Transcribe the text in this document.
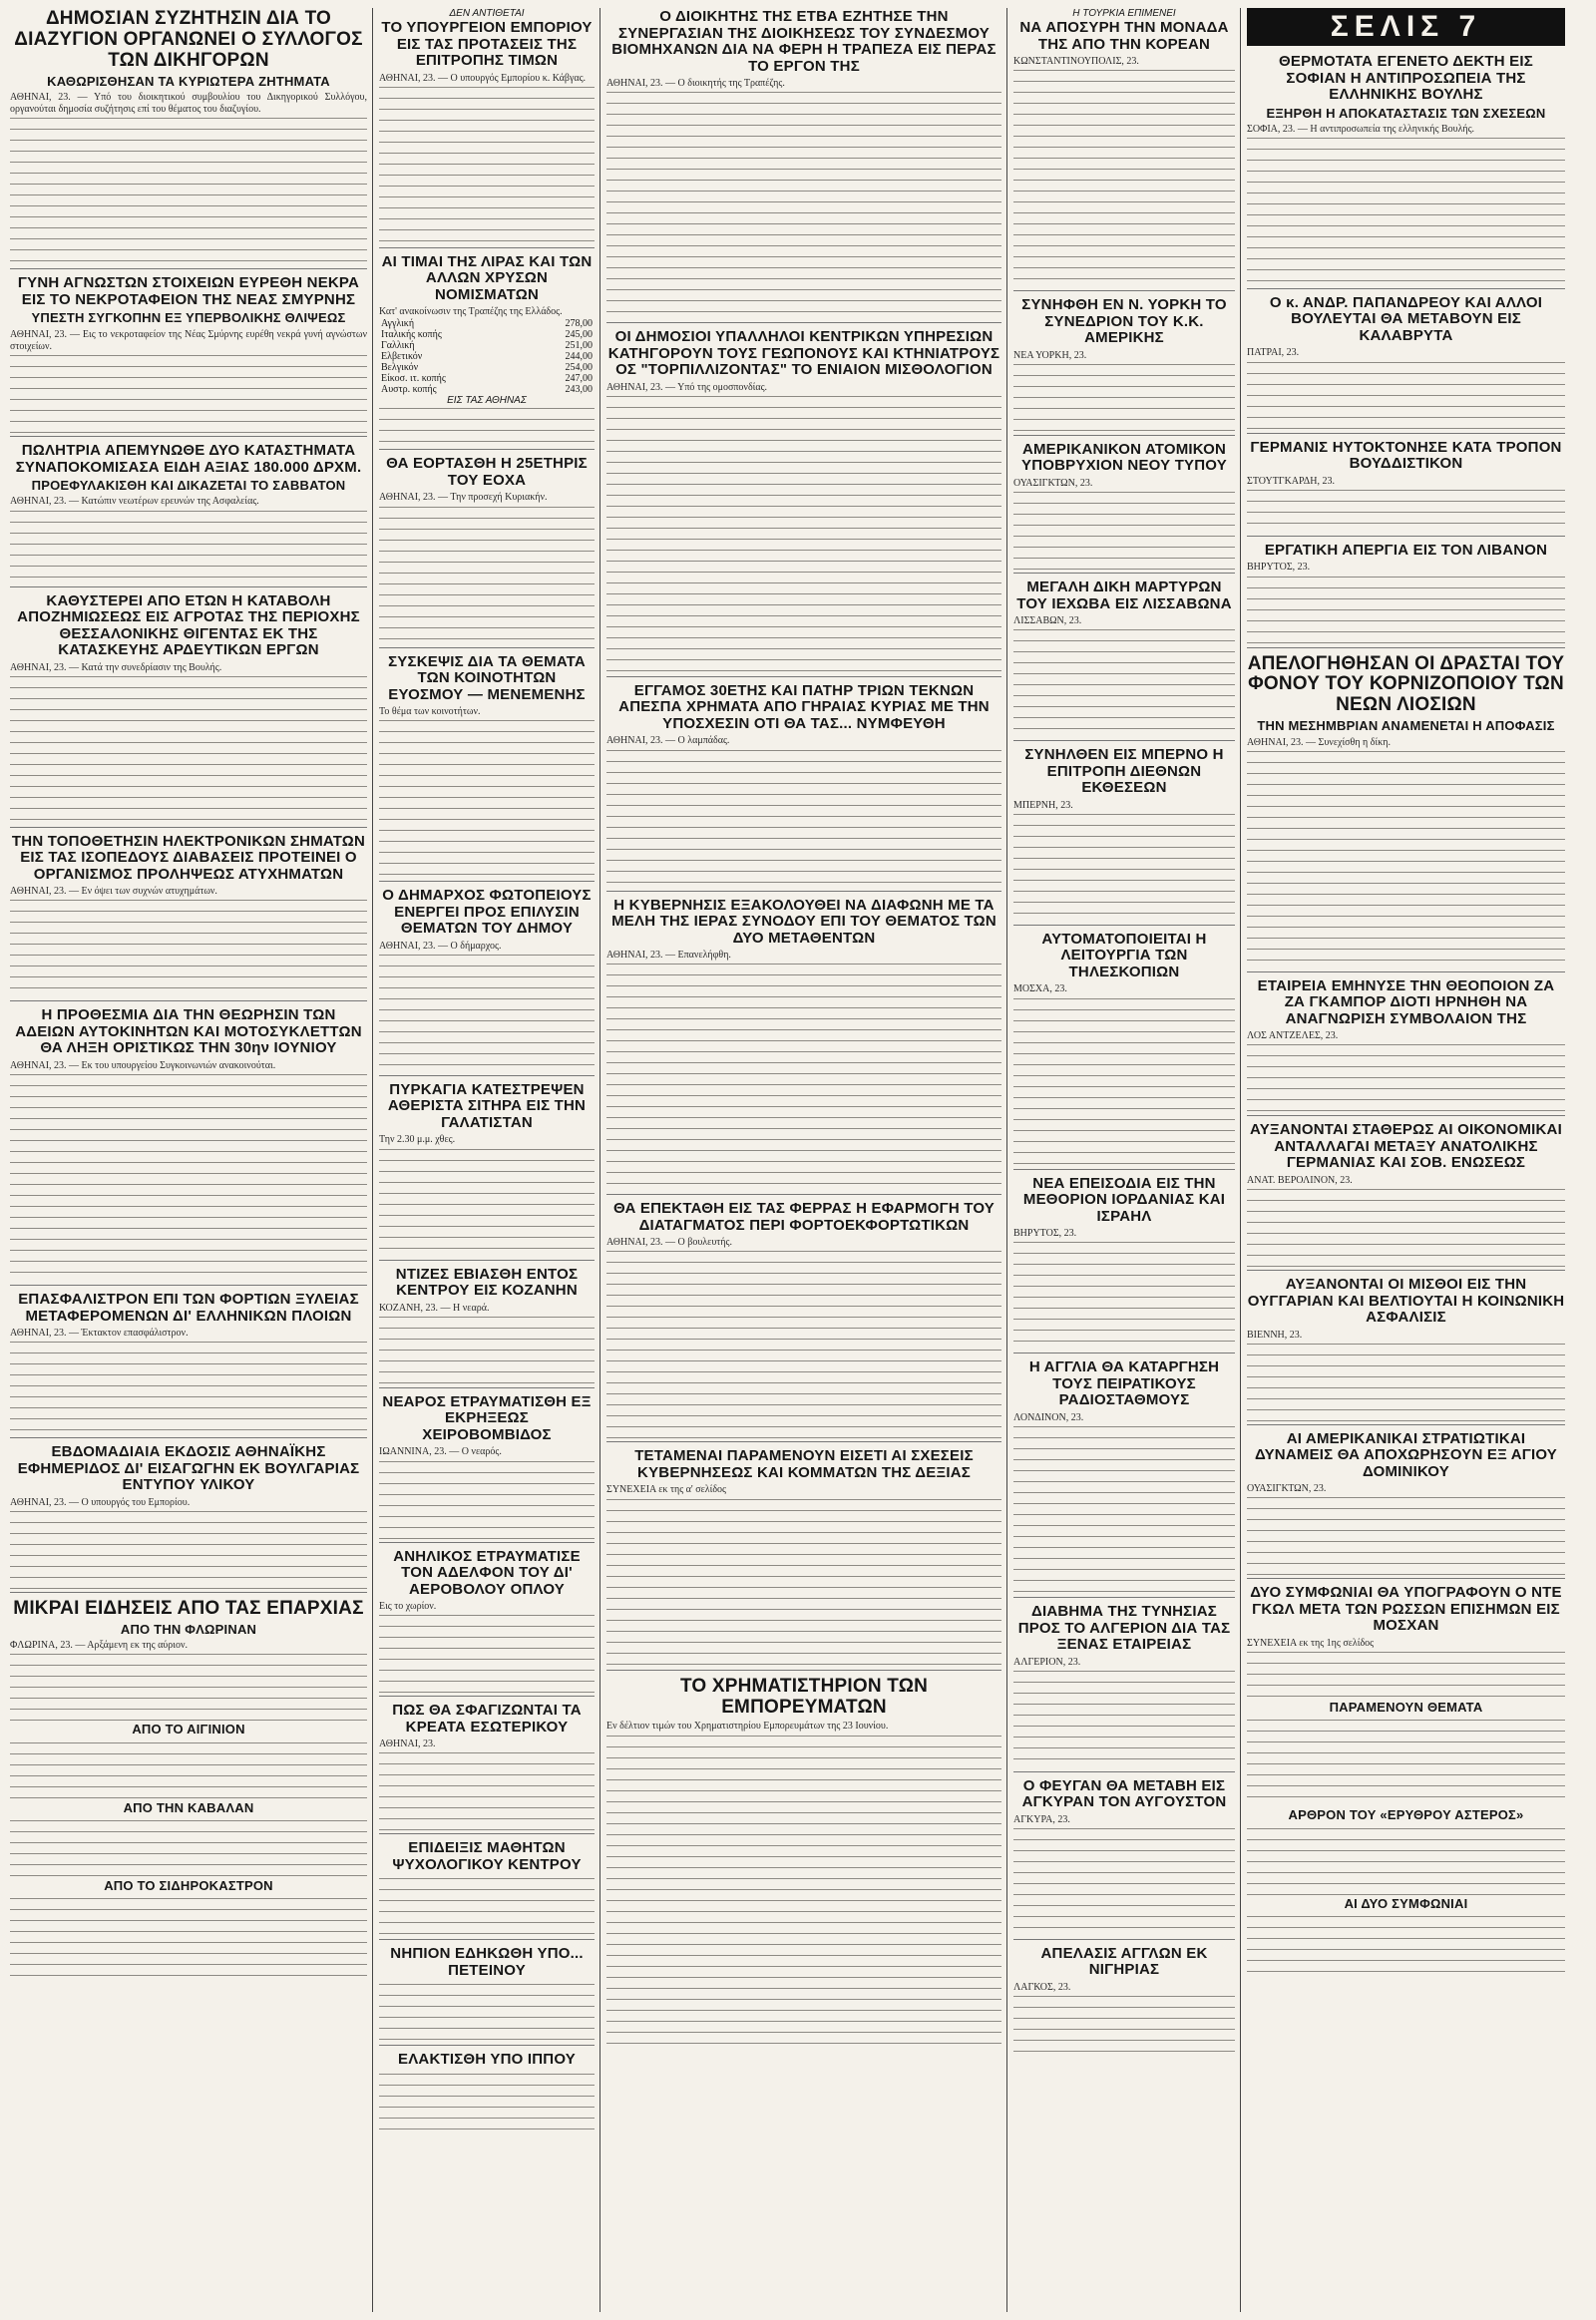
ΔΗΜΟΣΙΑΝ ΣΥΖΗΤΗΣΙΝ ΔΙΑ ΤΟ ΔΙΑΖΥΓΙΟΝ ΟΡΓΑΝΩΝΕΙ Ο ΣΥΛΛΟΓΟΣ ΤΩΝ ΔΙΚΗΓΟΡΩΝ
ΚΑΘΩΡΙΣΘΗΣΑΝ ΤΑ ΚΥΡΙΩΤΕΡΑ ΖΗΤΗΜΑΤΑ
ΑΘΗΝΑΙ, 23. — Υπό του διοικητικού συμβουλίου του Δικηγορικού Συλλόγου, οργανούται δημοσία συζήτησις επί του θέματος του διαζυγίου.
ΓΥΝΗ ΑΓΝΩΣΤΩΝ ΣΤΟΙΧΕΙΩΝ ΕΥΡΕΘΗ ΝΕΚΡΑ ΕΙΣ ΤΟ ΝΕΚΡΟΤΑΦΕΙΟΝ ΤΗΣ ΝΕΑΣ ΣΜΥΡΝΗΣ
ΥΠΕΣΤΗ ΣΥΓΚΟΠΗΝ ΕΞ ΥΠΕΡΒΟΛΙΚΗΣ ΘΛΙΨΕΩΣ
ΑΘΗΝΑΙ, 23. — Εις το νεκροταφείον της Νέας Σμύρνης ευρέθη νεκρά γυνή αγνώστων στοιχείων.
ΠΩΛΗΤΡΙΑ ΑΠΕΜΥΝΩΘΕ ΔΥΟ ΚΑΤΑΣΤΗΜΑΤΑ ΣΥΝΑΠΟΚΟΜΙΣΑΣΑ ΕΙΔΗ ΑΞΙΑΣ 180.000 ΔΡΧΜ.
ΠΡΟΕΦΥΛΑΚΙΣΘΗ ΚΑΙ ΔΙΚΑΖΕΤΑΙ ΤΟ ΣΑΒΒΑΤΟΝ
ΑΘΗΝΑΙ, 23. — Κατώπιν νεωτέρων ερευνών της Ασφαλείας.
ΚΑΘΥΣΤΕΡΕΙ ΑΠΟ ΕΤΩΝ Η ΚΑΤΑΒΟΛΗ ΑΠΟΖΗΜΙΩΣΕΩΣ ΕΙΣ ΑΓΡΟΤΑΣ ΤΗΣ ΠΕΡΙΟΧΗΣ ΘΕΣΣΑΛΟΝΙΚΗΣ ΘΙΓΕΝΤΑΣ ΕΚ ΤΗΣ ΚΑΤΑΣΚΕΥΗΣ ΑΡΔΕΥΤΙΚΩΝ ΕΡΓΩΝ
ΑΘΗΝΑΙ, 23. — Κατά την συνεδρίασιν της Βουλής.
ΤΗΝ ΤΟΠΟΘΕΤΗΣΙΝ ΗΛΕΚΤΡΟΝΙΚΩΝ ΣΗΜΑΤΩΝ ΕΙΣ ΤΑΣ ΙΣΟΠΕΔΟΥΣ ΔΙΑΒΑΣΕΙΣ ΠΡΟΤΕΙΝΕΙ Ο ΟΡΓΑΝΙΣΜΟΣ ΠΡΟΛΗΨΕΩΣ ΑΤΥΧΗΜΑΤΩΝ
ΑΘΗΝΑΙ, 23. — Εν όψει των συχνών ατυχημάτων.
Η ΠΡΟΘΕΣΜΙΑ ΔΙΑ ΤΗΝ ΘΕΩΡΗΣΙΝ ΤΩΝ ΑΔΕΙΩΝ ΑΥΤΟΚΙΝΗΤΩΝ ΚΑΙ ΜΟΤΟΣΥΚΛΕΤΤΩΝ ΘΑ ΛΗΞΗ ΟΡΙΣΤΙΚΩΣ ΤΗΝ 30ην ΙΟΥΝΙΟΥ
ΑΘΗΝΑΙ, 23. — Εκ του υπουργείου Συγκοινωνιών ανακοινούται.
ΕΠΑΣΦΑΛΙΣΤΡΟΝ ΕΠΙ ΤΩΝ ΦΟΡΤΙΩΝ ΞΥΛΕΙΑΣ ΜΕΤΑΦΕΡΟΜΕΝΩΝ ΔΙ' ΕΛΛΗΝΙΚΩΝ ΠΛΟΙΩΝ
ΑΘΗΝΑΙ, 23. — Έκτακτον επασφάλιστρον.
ΕΒΔΟΜΑΔΙΑΙΑ ΕΚΔΟΣΙΣ ΑΘΗΝΑΪΚΗΣ ΕΦΗΜΕΡΙΔΟΣ ΔΙ' ΕΙΣΑΓΩΓΗΝ ΕΚ ΒΟΥΛΓΑΡΙΑΣ ΕΝΤΥΠΟΥ ΥΛΙΚΟΥ
ΑΘΗΝΑΙ, 23. — Ο υπουργός του Εμπορίου.
ΜΙΚΡΑΙ ΕΙΔΗΣΕΙΣ ΑΠΟ ΤΑΣ ΕΠΑΡΧΙΑΣ
ΑΠΟ ΤΗΝ ΦΛΩΡΙΝΑΝ
ΦΛΩΡΙΝΑ, 23. — Αρξάμενη εκ της αύριον.
ΑΠΟ ΤΟ ΑΙΓΙΝΙΟΝ
ΑΠΟ ΤΗΝ ΚΑΒΑΛΑΝ
ΑΠΟ ΤΟ ΣΙΔΗΡΟΚΑΣΤΡΟΝ
ΔΕΝ ΑΝΤΙΘΕΤΑΙ
ΤΟ ΥΠΟΥΡΓΕΙΟΝ ΕΜΠΟΡΙΟΥ ΕΙΣ ΤΑΣ ΠΡΟΤΑΣΕΙΣ ΤΗΣ ΕΠΙΤΡΟΠΗΣ ΤΙΜΩΝ
ΑΘΗΝΑΙ, 23. — Ο υπουργός Εμπορίου κ. Κάβγας.
ΑΙ ΤΙΜΑΙ ΤΗΣ ΛΙΡΑΣ ΚΑΙ ΤΩΝ ΑΛΛΩΝ ΧΡΥΣΩΝ ΝΟΜΙΣΜΑΤΩΝ
Κατ' ανακοίνωσιν της Τραπέζης της Ελλάδος.
Αγγλική	278,00
Ιταλικής κοπής	245,00
Γαλλική	251,00
Ελβετικόν	244,00
Βελγικόν	254,00
Είκοσ. ιτ. κοπής	247,00
Αυστρ. κοπής	243,00
ΕΙΣ ΤΑΣ ΑΘΗΝΑΣ
ΘΑ ΕΟΡΤΑΣΘΗ Η 25ΕΤΗΡΙΣ ΤΟΥ ΕΟΧΑ
ΑΘΗΝΑΙ, 23. — Την προσεχή Κυριακήν.
ΣΥΣΚΕΨΙΣ ΔΙΑ ΤΑ ΘΕΜΑΤΑ ΤΩΝ ΚΟΙΝΟΤΗΤΩΝ ΕΥΟΣΜΟΥ — ΜΕΝΕΜΕΝΗΣ
Το θέμα των κοινοτήτων.
Ο ΔΗΜΑΡΧΟΣ ΦΩΤΟΠΕΙΟΥΣ ΕΝΕΡΓΕΙ ΠΡΟΣ ΕΠΙΛΥΣΙΝ ΘΕΜΑΤΩΝ ΤΟΥ ΔΗΜΟΥ
ΑΘΗΝΑΙ, 23. — Ο δήμαρχος.
ΠΥΡΚΑΓΙΑ ΚΑΤΕΣΤΡΕΨΕΝ ΑΘΕΡΙΣΤΑ ΣΙΤΗΡΑ ΕΙΣ ΤΗΝ ΓΑΛΑΤΙΣΤΑΝ
Την 2.30 μ.μ. χθες.
ΝΤΙΖΕΣ ΕΒΙΑΣΘΗ ΕΝΤΟΣ ΚΕΝΤΡΟΥ ΕΙΣ ΚΟΖΑΝΗΝ
ΚΟΖΑΝΗ, 23. — Η νεαρά.
ΝΕΑΡΟΣ ΕΤΡΑΥΜΑΤΙΣΘΗ ΕΞ ΕΚΡΗΞΕΩΣ ΧΕΙΡΟΒΟΜΒΙΔΟΣ
ΙΩΑΝΝΙΝΑ, 23. — Ο νεαρός.
ΑΝΗΛΙΚΟΣ ΕΤΡΑΥΜΑΤΙΣΕ ΤΟΝ ΑΔΕΛΦΟΝ ΤΟΥ ΔΙ' ΑΕΡΟΒΟΛΟΥ ΟΠΛΟΥ
Εις το χωρίον.
ΠΩΣ ΘΑ ΣΦΑΓΙΖΩΝΤΑΙ ΤΑ ΚΡΕΑΤΑ ΕΣΩΤΕΡΙΚΟΥ
ΑΘΗΝΑΙ, 23.
ΕΠΙΔΕΙΞΙΣ ΜΑΘΗΤΩΝ ΨΥΧΟΛΟΓΙΚΟΥ ΚΕΝΤΡΟΥ
ΝΗΠΙΟΝ ΕΔΗΚΩΘΗ ΥΠΟ... ΠΕΤΕΙΝΟΥ
ΕΛΑΚΤΙΣΘΗ ΥΠΟ ΙΠΠΟΥ
Ο ΔΙΟΙΚΗΤΗΣ ΤΗΣ ΕΤΒΑ ΕΖΗΤΗΣΕ ΤΗΝ ΣΥΝΕΡΓΑΣΙΑΝ ΤΗΣ ΔΙΟΙΚΗΣΕΩΣ ΤΟΥ ΣΥΝΔΕΣΜΟΥ ΒΙΟΜΗΧΑΝΩΝ ΔΙΑ ΝΑ ΦΕΡΗ Η ΤΡΑΠΕΖΑ ΕΙΣ ΠΕΡΑΣ ΤΟ ΕΡΓΟΝ ΤΗΣ
ΑΘΗΝΑΙ, 23. — Ο διοικητής της Τραπέζης.
ΟΙ ΔΗΜΟΣΙΟΙ ΥΠΑΛΛΗΛΟΙ ΚΕΝΤΡΙΚΩΝ ΥΠΗΡΕΣΙΩΝ ΚΑΤΗΓΟΡΟΥΝ ΤΟΥΣ ΓΕΩΠΟΝΟΥΣ ΚΑΙ ΚΤΗΝΙΑΤΡΟΥΣ ΟΣ "ΤΟΡΠΙΛΛΙΖΟΝΤΑΣ" ΤΟ ΕΝΙΑΙΟΝ ΜΙΣΘΟΛΟΓΙΟΝ
ΑΘΗΝΑΙ, 23. — Υπό της ομοσπονδίας.
ΕΓΓΑΜΟΣ 30ΕΤΗΣ ΚΑΙ ΠΑΤΗΡ ΤΡΙΩΝ ΤΕΚΝΩΝ ΑΠΕΣΠΑ ΧΡΗΜΑΤΑ ΑΠΟ ΓΗΡΑΙΑΣ ΚΥΡΙΑΣ ΜΕ ΤΗΝ ΥΠΟΣΧΕΣΙΝ ΟΤΙ ΘΑ ΤΑΣ... ΝΥΜΦΕΥΘΗ
ΑΘΗΝΑΙ, 23. — Ο λαμπάδας.
Η ΚΥΒΕΡΝΗΣΙΣ ΕΞΑΚΟΛΟΥΘΕΙ ΝΑ ΔΙΑΦΩΝΗ ΜΕ ΤΑ ΜΕΛΗ ΤΗΣ ΙΕΡΑΣ ΣΥΝΟΔΟΥ ΕΠΙ ΤΟΥ ΘΕΜΑΤΟΣ ΤΩΝ ΔΥΟ ΜΕΤΑΘΕΝΤΩΝ
ΑΘΗΝΑΙ, 23. — Επανελήφθη.
ΘΑ ΕΠΕΚΤΑΘΗ ΕΙΣ ΤΑΣ ΦΕΡΡΑΣ Η ΕΦΑΡΜΟΓΗ ΤΟΥ ΔΙΑΤΑΓΜΑΤΟΣ ΠΕΡΙ ΦΟΡΤΟΕΚΦΟΡΤΩΤΙΚΩΝ
ΑΘΗΝΑΙ, 23. — Ο βουλευτής.
ΤΕΤΑΜΕΝΑΙ ΠΑΡΑΜΕΝΟΥΝ ΕΙΣΕΤΙ ΑΙ ΣΧΕΣΕΙΣ ΚΥΒΕΡΝΗΣΕΩΣ ΚΑΙ ΚΟΜΜΑΤΩΝ ΤΗΣ ΔΕΞΙΑΣ
ΣΥΝΕΧΕΙΑ εκ της α' σελίδος
ΤΟ ΧΡΗΜΑΤΙΣΤΗΡΙΟΝ ΤΩΝ ΕΜΠΟΡΕΥΜΑΤΩΝ
Εν δέλτιον τιμών του Χρηματιστηρίου Εμπορευμάτων της 23 Ιουνίου.
Η ΤΟΥΡΚΙΑ ΕΠΙΜΕΝΕΙ
ΝΑ ΑΠΟΣΥΡΗ ΤΗΝ ΜΟΝΑΔΑ ΤΗΣ ΑΠΟ ΤΗΝ ΚΟΡΕΑΝ
ΚΩΝΣΤΑΝΤΙΝΟΥΠΟΛΙΣ, 23.
ΣΥΝΗΦΘΗ ΕΝ Ν. ΥΟΡΚΗ ΤΟ ΣΥΝΕΔΡΙΟΝ ΤΟΥ Κ.Κ. ΑΜΕΡΙΚΗΣ
ΝΕΑ ΥΟΡΚΗ, 23.
ΑΜΕΡΙΚΑΝΙΚΟΝ ΑΤΟΜΙΚΟΝ ΥΠΟΒΡΥΧΙΟΝ ΝΕΟΥ ΤΥΠΟΥ
ΟΥΑΣΙΓΚΤΩΝ, 23.
ΜΕΓΑΛΗ ΔΙΚΗ ΜΑΡΤΥΡΩΝ ΤΟΥ ΙΕΧΩΒΑ ΕΙΣ ΛΙΣΣΑΒΩΝΑ
ΛΙΣΣΑΒΩΝ, 23.
ΣΥΝΗΛΘΕΝ ΕΙΣ ΜΠΕΡΝΟ Η ΕΠΙΤΡΟΠΗ ΔΙΕΘΝΩΝ ΕΚΘΕΣΕΩΝ
ΜΠΕΡΝΗ, 23.
ΑΥΤΟΜΑΤΟΠΟΙΕΙΤΑΙ Η ΛΕΙΤΟΥΡΓΙΑ ΤΩΝ ΤΗΛΕΣΚΟΠΙΩΝ
ΜΟΣΧΑ, 23.
ΝΕΑ ΕΠΕΙΣΟΔΙΑ ΕΙΣ ΤΗΝ ΜΕΘΟΡΙΟΝ ΙΟΡΔΑΝΙΑΣ ΚΑΙ ΙΣΡΑΗΛ
ΒΗΡΥΤΟΣ, 23.
Η ΑΓΓΛΙΑ ΘΑ ΚΑΤΑΡΓΗΣΗ ΤΟΥΣ ΠΕΙΡΑΤΙΚΟΥΣ ΡΑΔΙΟΣΤΑΘΜΟΥΣ
ΛΟΝΔΙΝΟΝ, 23.
ΔΙΑΒΗΜΑ ΤΗΣ ΤΥΝΗΣΙΑΣ ΠΡΟΣ ΤΟ ΑΛΓΕΡΙΟΝ ΔΙΑ ΤΑΣ ΞΕΝΑΣ ΕΤΑΙΡΕΙΑΣ
ΑΛΓΕΡΙΟΝ, 23.
Ο ΦΕΥΓΑΝ ΘΑ ΜΕΤΑΒΗ ΕΙΣ ΑΓΚΥΡΑΝ ΤΟΝ ΑΥΓΟΥΣΤΟΝ
ΑΓΚΥΡΑ, 23.
ΑΠΕΛΑΣΙΣ ΑΓΓΛΩΝ ΕΚ ΝΙΓΗΡΙΑΣ
ΛΑΓΚΟΣ, 23.
ΣΕΛΙΣ 7
ΘΕΡΜΟΤΑΤΑ ΕΓΕΝΕΤΟ ΔΕΚΤΗ ΕΙΣ ΣΟΦΙΑΝ Η ΑΝΤΙΠΡΟΣΩΠΕΙΑ ΤΗΣ ΕΛΛΗΝΙΚΗΣ ΒΟΥΛΗΣ
ΕΞΗΡΘΗ Η ΑΠΟΚΑΤΑΣΤΑΣΙΣ ΤΩΝ ΣΧΕΣΕΩΝ
ΣΟΦΙΑ, 23. — Η αντιπροσωπεία της ελληνικής Βουλής.
Ο κ. ΑΝΔΡ. ΠΑΠΑΝΔΡΕΟΥ ΚΑΙ ΑΛΛΟΙ ΒΟΥΛΕΥΤΑΙ ΘΑ ΜΕΤΑΒΟΥΝ ΕΙΣ ΚΑΛΑΒΡΥΤΑ
ΠΑΤΡΑΙ, 23.
ΓΕΡΜΑΝΙΣ ΗΥΤΟΚΤΟΝΗΣΕ ΚΑΤΑ ΤΡΟΠΟΝ ΒΟΥΔΔΙΣΤΙΚΟΝ
ΣΤΟΥΤΓΚΑΡΔΗ, 23.
ΕΡΓΑΤΙΚΗ ΑΠΕΡΓΙΑ ΕΙΣ ΤΟΝ ΛΙΒΑΝΟΝ
ΒΗΡΥΤΟΣ, 23.
ΑΠΕΛΟΓΗΘΗΣΑΝ ΟΙ ΔΡΑΣΤΑΙ ΤΟΥ ΦΟΝΟΥ ΤΟΥ ΚΟΡΝΙΖΟΠΟΙΟΥ ΤΩΝ ΝΕΩΝ ΛΙΟΣΙΩΝ
ΤΗΝ ΜΕΣΗΜΒΡΙΑΝ ΑΝΑΜΕΝΕΤΑΙ Η ΑΠΟΦΑΣΙΣ
ΑΘΗΝΑΙ, 23. — Συνεχίσθη η δίκη.
ΕΤΑΙΡΕΙΑ ΕΜΗΝΥΣΕ ΤΗΝ ΘΕΟΠΟΙΟΝ ΖΑ ΖΑ ΓΚΑΜΠΟΡ ΔΙΟΤΙ ΗΡΝΗΘΗ ΝΑ ΑΝΑΓΝΩΡΙΣΗ ΣΥΜΒΟΛΑΙΟΝ ΤΗΣ
ΛΟΣ ΑΝΤΖΕΛΕΣ, 23.
ΑΥΞΑΝΟΝΤΑΙ ΣΤΑΘΕΡΩΣ ΑΙ ΟΙΚΟΝΟΜΙΚΑΙ ΑΝΤΑΛΛΑΓΑΙ ΜΕΤΑΞΥ ΑΝΑΤΟΛΙΚΗΣ ΓΕΡΜΑΝΙΑΣ ΚΑΙ ΣΟΒ. ΕΝΩΣΕΩΣ
ΑΝΑΤ. ΒΕΡΟΛΙΝΟΝ, 23.
ΑΥΞΑΝΟΝΤΑΙ ΟΙ ΜΙΣΘΟΙ ΕΙΣ ΤΗΝ ΟΥΓΓΑΡΙΑΝ ΚΑΙ ΒΕΛΤΙΟΥΤΑΙ Η ΚΟΙΝΩΝΙΚΗ ΑΣΦΑΛΙΣΙΣ
ΒΙΕΝΝΗ, 23.
ΑΙ ΑΜΕΡΙΚΑΝΙΚΑΙ ΣΤΡΑΤΙΩΤΙΚΑΙ ΔΥΝΑΜΕΙΣ ΘΑ ΑΠΟΧΩΡΗΣΟΥΝ ΕΞ ΑΓΙΟΥ ΔΟΜΙΝΙΚΟΥ
ΟΥΑΣΙΓΚΤΩΝ, 23.
ΔΥΟ ΣΥΜΦΩΝΙΑΙ ΘΑ ΥΠΟΓΡΑΦΟΥΝ Ο ΝΤΕ ΓΚΩΛ ΜΕΤΑ ΤΩΝ ΡΩΣΣΩΝ ΕΠΙΣΗΜΩΝ ΕΙΣ ΜΟΣΧΑΝ
ΣΥΝΕΧΕΙΑ εκ της 1ης σελίδος
ΠΑΡΑΜΕΝΟΥΝ ΘΕΜΑΤΑ
ΑΡΘΡΟΝ ΤΟΥ «ΕΡΥΘΡΟΥ ΑΣΤΕΡΟΣ»
ΑΙ ΔΥΟ ΣΥΜΦΩΝΙΑΙ
